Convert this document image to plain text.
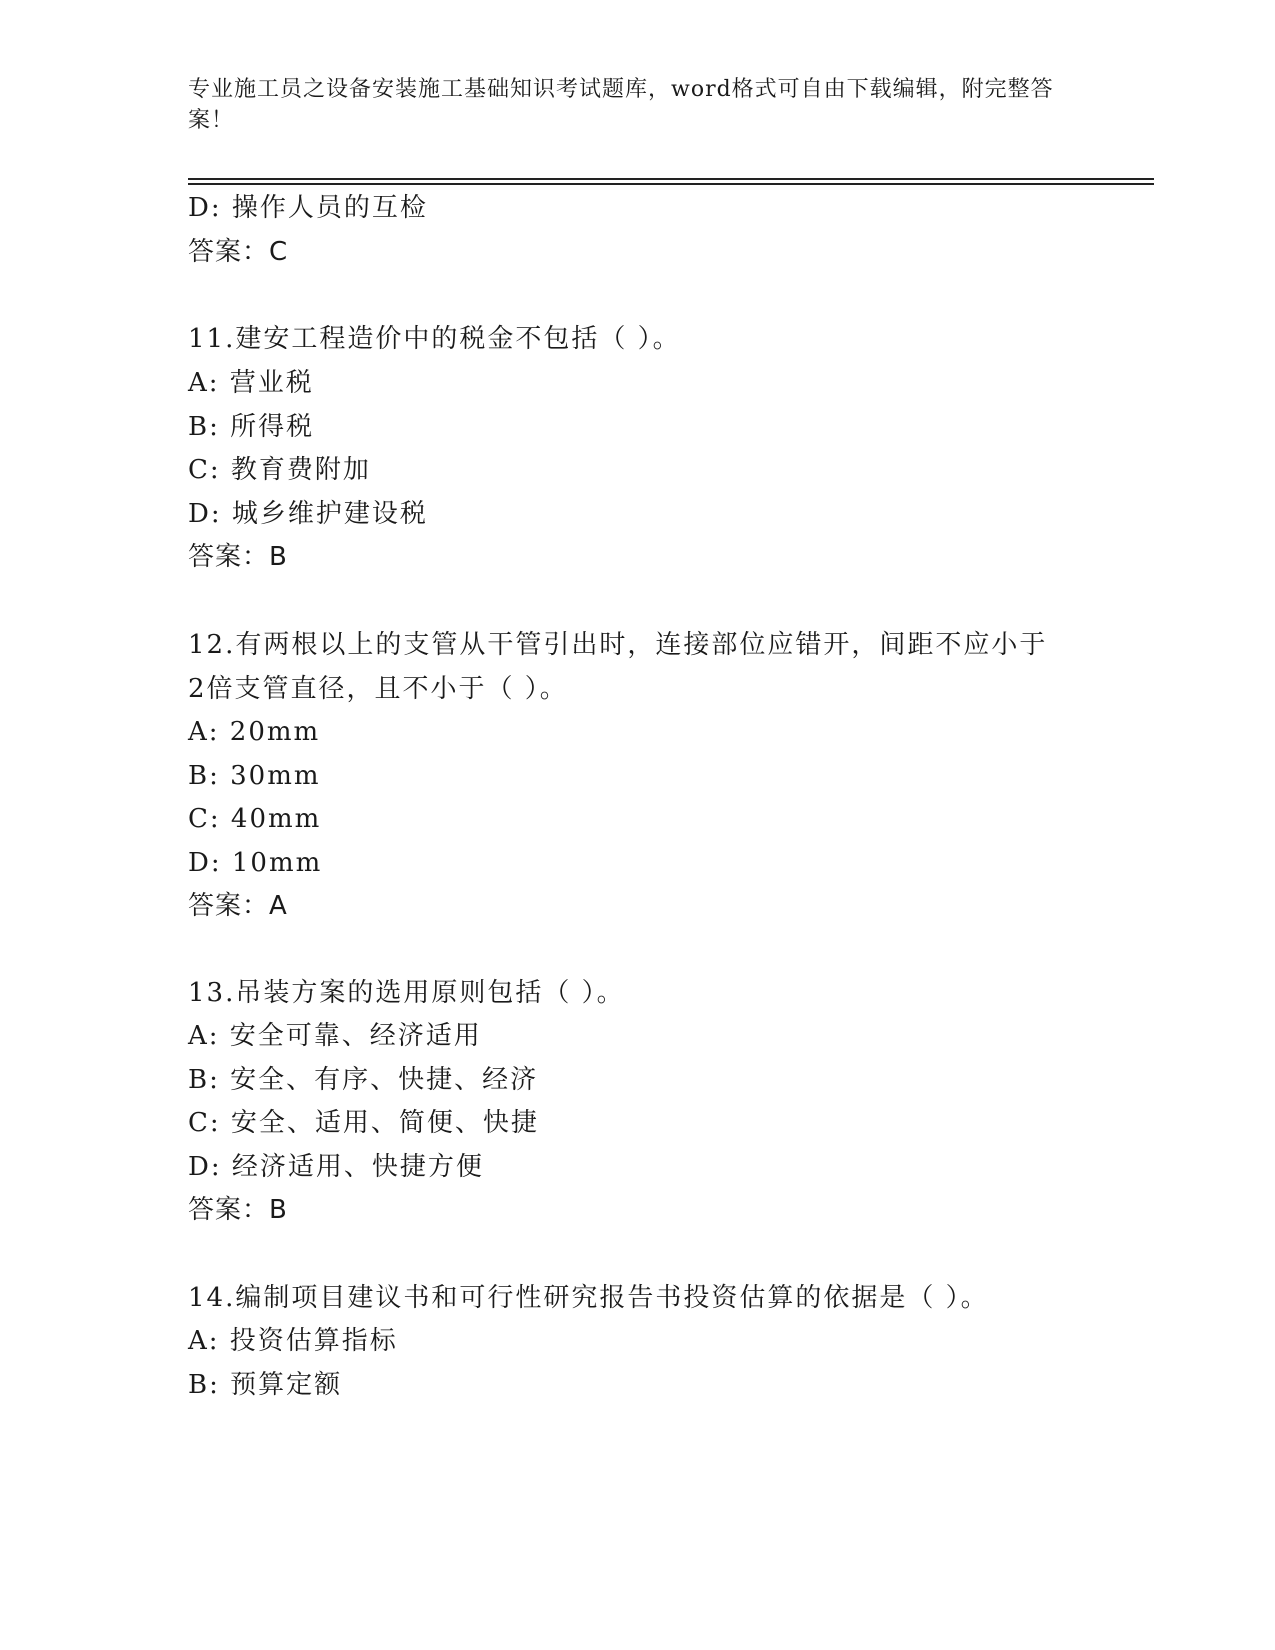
专业施工员之设备安装施工基础知识考试题库，word格式可自由下载编辑，附完整答案！
D: 操作人员的互检
答案：C
11.建安工程造价中的税金不包括（ ）。
A: 营业税
B: 所得税
C: 教育费附加
D: 城乡维护建设税
答案：B
12.有两根以上的支管从干管引出时，连接部位应错开，间距不应小于
2倍支管直径，且不小于（ ）。
A: 20mm
B: 30mm
C: 40mm
D: 10mm
答案：A
13.吊装方案的选用原则包括（ ）。
A: 安全可靠、经济适用
B: 安全、有序、快捷、经济
C: 安全、适用、简便、快捷
D: 经济适用、快捷方便
答案：B
14.编制项目建议书和可行性研究报告书投资估算的依据是（ ）。
A: 投资估算指标
B: 预算定额
